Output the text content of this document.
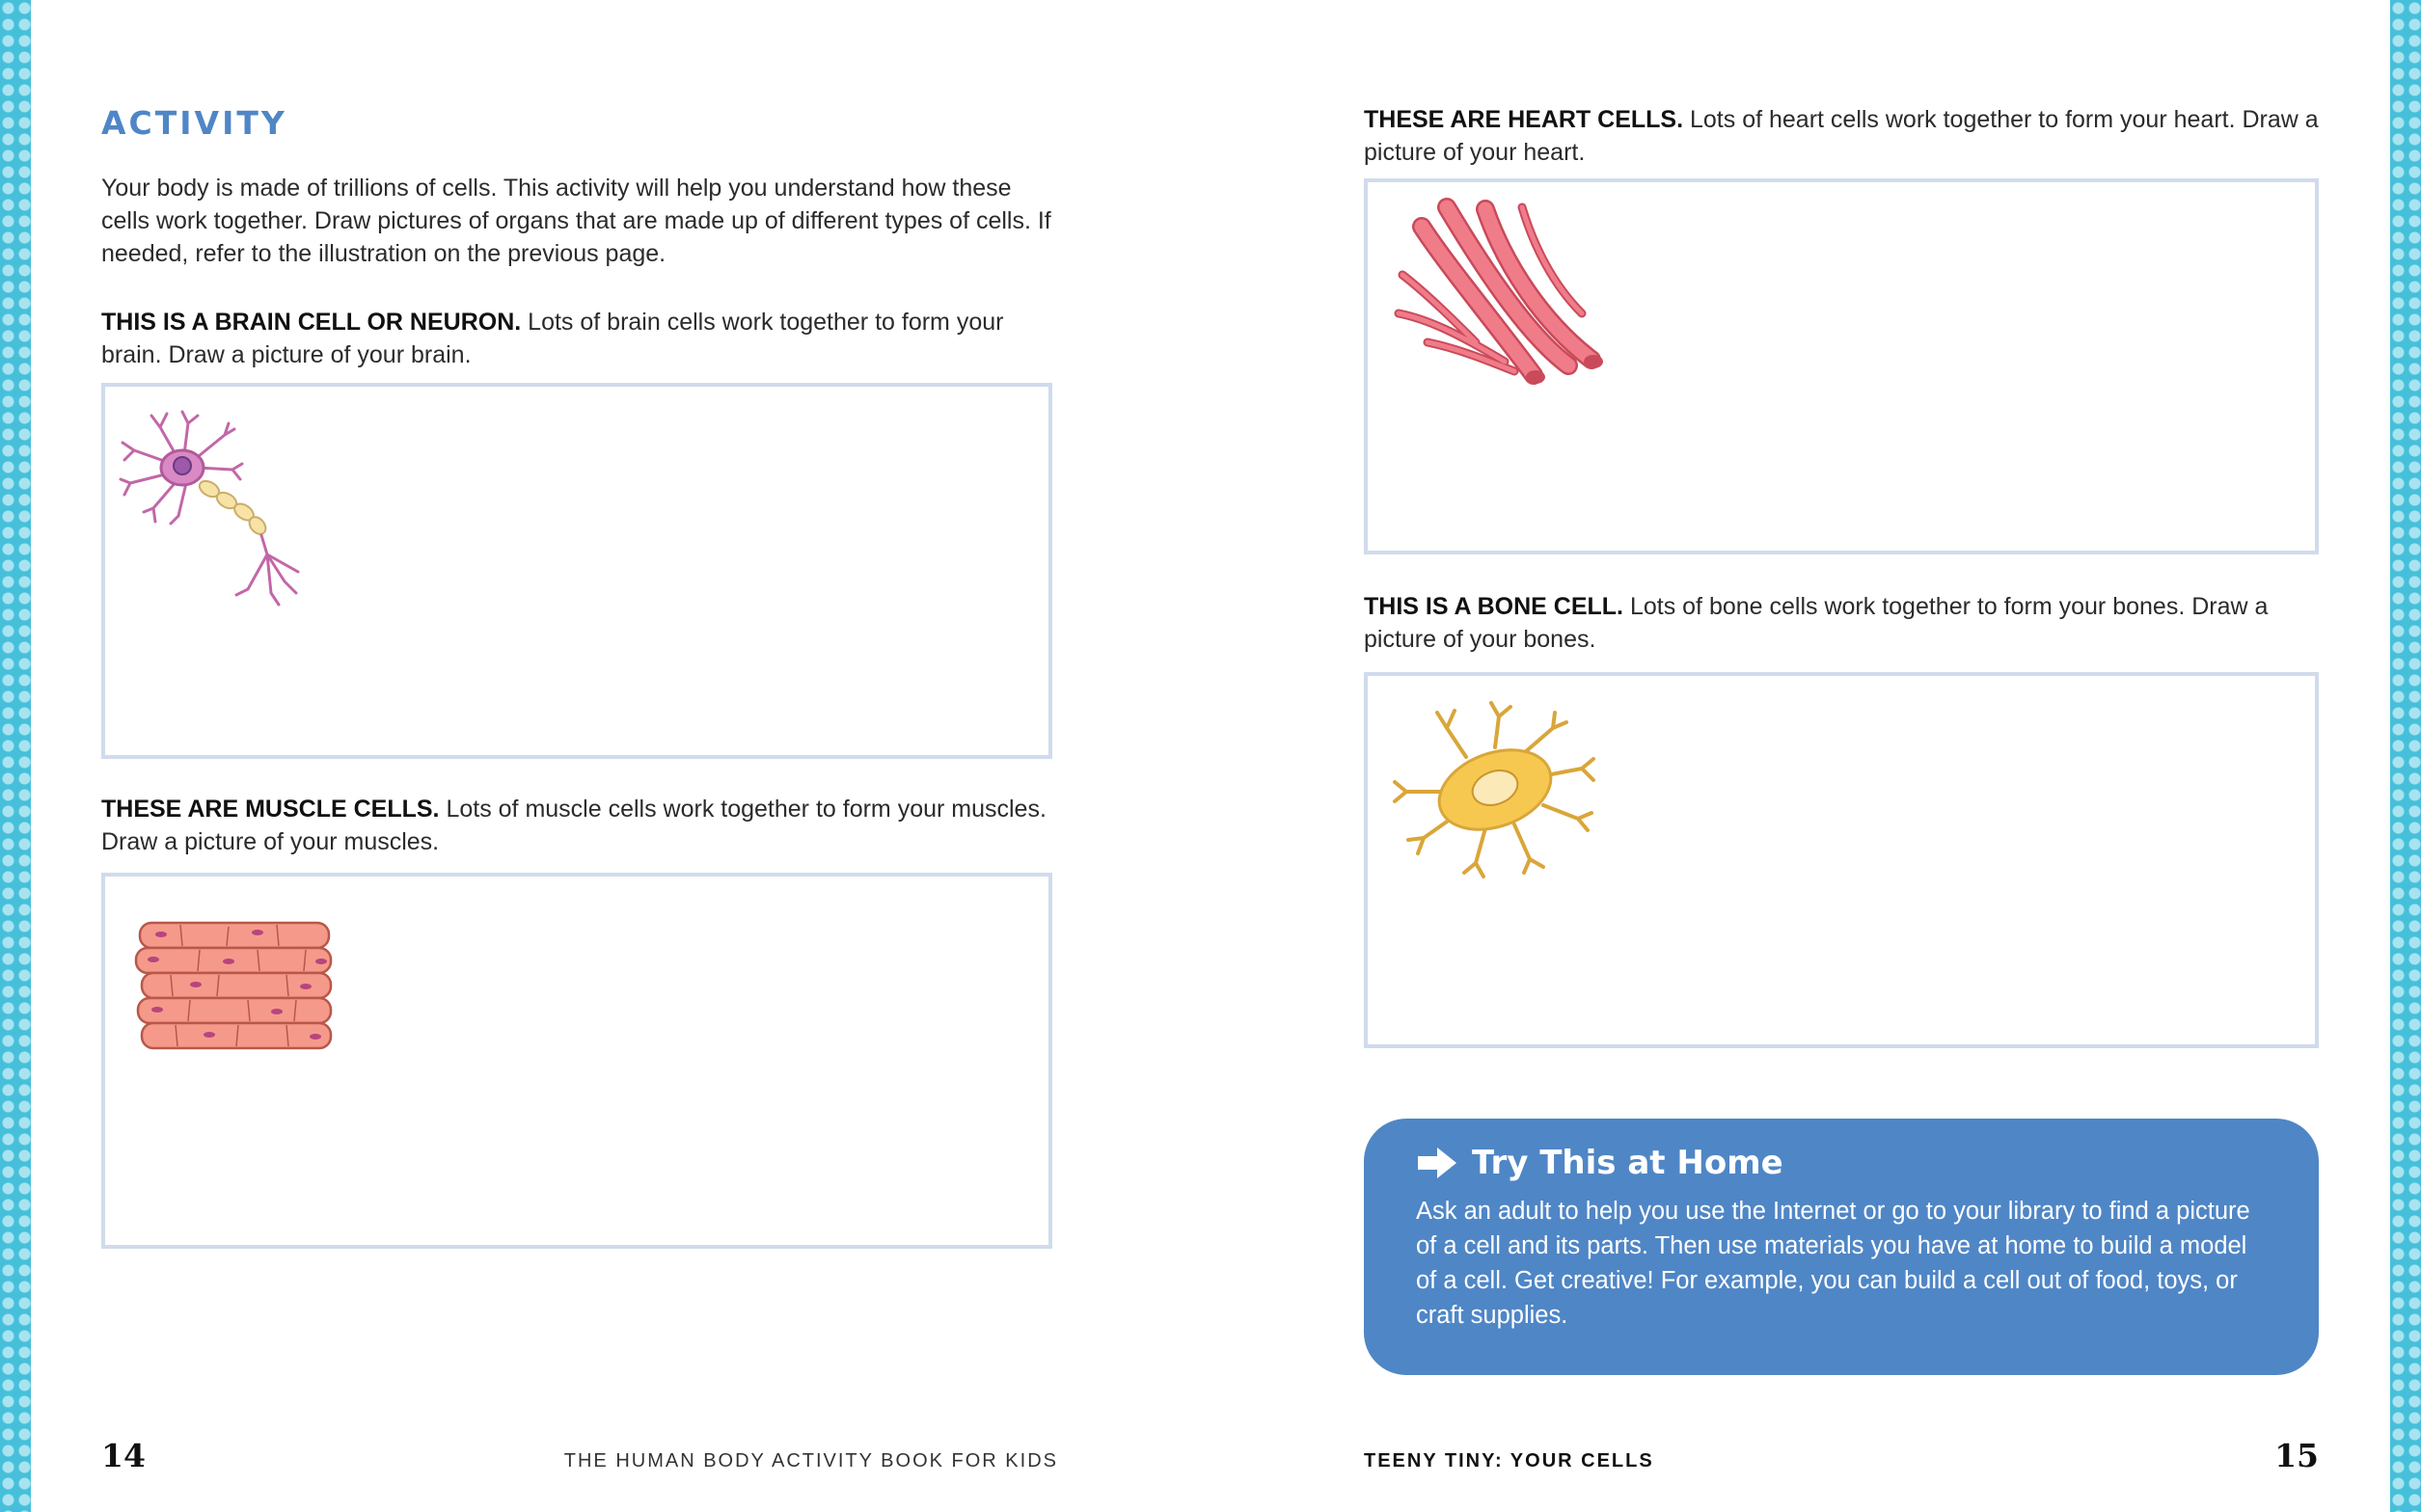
ACTIVITY

Your body is made of trillions of cells. This activity will help you understand how these cells work together. Draw pictures of organs that are made up of different types of cells. If needed, refer to the illustration on the previous page.

THIS IS A BRAIN CELL OR NEURON. Lots of brain cells work together to form your brain. Draw a picture of your brain.

THESE ARE MUSCLE CELLS. Lots of muscle cells work together to form your muscles. Draw a picture of your muscles.

14	THE HUMAN BODY ACTIVITY BOOK FOR KIDS

THESE ARE HEART CELLS. Lots of heart cells work together to form your heart. Draw a picture of your heart.

THIS IS A BONE CELL. Lots of bone cells work together to form your bones. Draw a picture of your bones.

Try This at Home

Ask an adult to help you use the Internet or go to your library to find a picture of a cell and its parts. Then use materials you have at home to build a model of a cell. Get creative! For example, you can build a cell out of food, toys, or craft supplies.

TEENY TINY: YOUR CELLS	15
